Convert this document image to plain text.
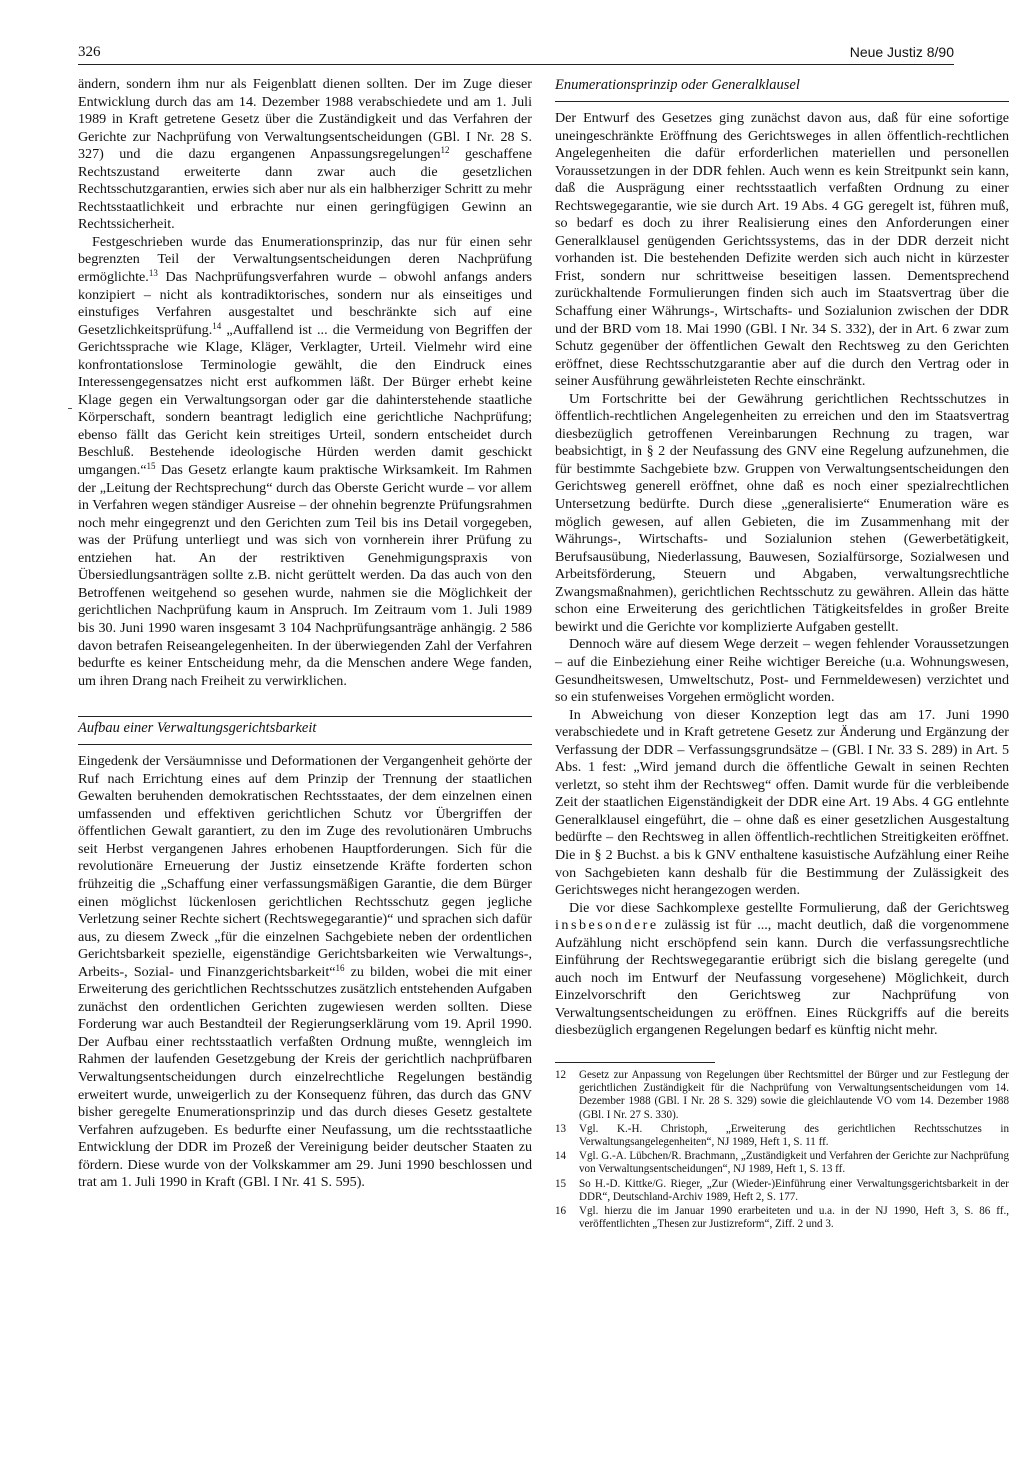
326	Neue Justiz 8/90

ändern, sondern ihm nur als Feigenblatt dienen sollten. Der im Zuge dieser Entwicklung durch das am 14. Dezember 1988 verabschiedete und am 1. Juli 1989 in Kraft getretene Gesetz über die Zuständigkeit und das Verfahren der Gerichte zur Nachprüfung von Verwaltungsentscheidungen (GBl. I Nr. 28 S. 327) und die dazu ergangenen Anpassungsregelungen$^{12}$ geschaffene Rechtszustand erweiterte dann zwar auch die gesetzlichen Rechtsschutzgarantien, erwies sich aber nur als ein halbherziger Schritt zu mehr Rechtsstaatlichkeit und erbrachte nur einen geringfügigen Gewinn an Rechtssicherheit.

Festgeschrieben wurde das Enumerationsprinzip, das nur für einen sehr begrenzten Teil der Verwaltungsentscheidungen deren Nachprüfung ermöglichte.$^{13}$ Das Nachprüfungsverfahren wurde – obwohl anfangs anders konzipiert – nicht als kontradiktorisches, sondern nur als einseitiges und einstufiges Verfahren ausgestaltet und beschränkte sich auf eine Gesetzlichkeitsprüfung.$^{14}$ „Auffallend ist ... die Vermeidung von Begriffen der Gerichtssprache wie Klage, Kläger, Verklagter, Urteil. Vielmehr wird eine konfrontationslose Terminologie gewählt, die den Eindruck eines Interessengegensatzes nicht erst aufkommen läßt. Der Bürger erhebt keine Klage gegen ein Verwaltungsorgan oder gar die dahinterstehende staatliche Körperschaft, sondern beantragt lediglich eine gerichtliche Nachprüfung; ebenso fällt das Gericht kein streitiges Urteil, sondern entscheidet durch Beschluß. Bestehende ideologische Hürden werden damit geschickt umgangen.“$^{15}$ Das Gesetz erlangte kaum praktische Wirksamkeit. Im Rahmen der „Leitung der Rechtsprechung“ durch das Oberste Gericht wurde – vor allem in Verfahren wegen ständiger Ausreise – der ohnehin begrenzte Prüfungsrahmen noch mehr eingegrenzt und den Gerichten zum Teil bis ins Detail vorgegeben, was der Prüfung unterliegt und was sich von vornherein ihrer Prüfung zu entziehen hat. An der restriktiven Genehmigungspraxis von Übersiedlungsanträgen sollte z.B. nicht gerüttelt werden. Da das auch von den Betroffenen weitgehend so gesehen wurde, nahmen sie die Möglichkeit der gerichtlichen Nachprüfung kaum in Anspruch. Im Zeitraum vom 1. Juli 1989 bis 30. Juni 1990 waren insgesamt 3 104 Nachprüfungsanträge anhängig. 2 586 davon betrafen Reiseangelegenheiten. In der überwiegenden Zahl der Verfahren bedurfte es keiner Entscheidung mehr, da die Menschen andere Wege fanden, um ihren Drang nach Freiheit zu verwirklichen.

Aufbau einer Verwaltungsgerichtsbarkeit

Eingedenk der Versäumnisse und Deformationen der Vergangenheit gehörte der Ruf nach Errichtung eines auf dem Prinzip der Trennung der staatlichen Gewalten beruhenden demokratischen Rechtsstaates, der dem einzelnen einen umfassenden und effektiven gerichtlichen Schutz vor Übergriffen der öffentlichen Gewalt garantiert, zu den im Zuge des revolutionären Umbruchs seit Herbst vergangenen Jahres erhobenen Hauptforderungen. Sich für die revolutionäre Erneuerung der Justiz einsetzende Kräfte forderten schon frühzeitig die „Schaffung einer verfassungsmäßigen Garantie, die dem Bürger einen möglichst lückenlosen gerichtlichen Rechtsschutz gegen jegliche Verletzung seiner Rechte sichert (Rechtswegegarantie)“ und sprachen sich dafür aus, zu diesem Zweck „für die einzelnen Sachgebiete neben der ordentlichen Gerichtsbarkeit spezielle, eigenständige Gerichtsbarkeiten wie Verwaltungs-, Arbeits-, Sozial- und Finanzgerichtsbarkeit“$^{16}$ zu bilden, wobei die mit einer Erweiterung des gerichtlichen Rechtsschutzes zusätzlich entstehenden Aufgaben zunächst den ordentlichen Gerichten zugewiesen werden sollten. Diese Forderung war auch Bestandteil der Regierungserklärung vom 19. April 1990. Der Aufbau einer rechtsstaatlich verfaßten Ordnung mußte, wenngleich im Rahmen der laufenden Gesetzgebung der Kreis der gerichtlich nachprüfbaren Verwaltungsentscheidungen durch einzelrechtliche Regelungen beständig erweitert wurde, unweigerlich zu der Konsequenz führen, das durch das GNV bisher geregelte Enumerationsprinzip und das durch dieses Gesetz gestaltete Verfahren aufzugeben. Es bedurfte einer Neufassung, um die rechtsstaatliche Entwicklung der DDR im Prozeß der Vereinigung beider deutscher Staaten zu fördern. Diese wurde von der Volkskammer am 29. Juni 1990 beschlossen und trat am 1. Juli 1990 in Kraft (GBl. I Nr. 41 S. 595).

Enumerationsprinzip oder Generalklausel

Der Entwurf des Gesetzes ging zunächst davon aus, daß für eine sofortige uneingeschränkte Eröffnung des Gerichtsweges in allen öffentlich-rechtlichen Angelegenheiten die dafür erforderlichen materiellen und personellen Voraussetzungen in der DDR fehlen. Auch wenn es kein Streitpunkt sein kann, daß die Ausprägung einer rechtsstaatlich verfaßten Ordnung zu einer Rechtswegegarantie, wie sie durch Art. 19 Abs. 4 GG geregelt ist, führen muß, so bedarf es doch zu ihrer Realisierung eines den Anforderungen einer Generalklausel genügenden Gerichtssystems, das in der DDR derzeit nicht vorhanden ist. Die bestehenden Defizite werden sich auch nicht in kürzester Frist, sondern nur schrittweise beseitigen lassen. Dementsprechend zurückhaltende Formulierungen finden sich auch im Staatsvertrag über die Schaffung einer Währungs-, Wirtschafts- und Sozialunion zwischen der DDR und der BRD vom 18. Mai 1990 (GBl. I Nr. 34 S. 332), der in Art. 6 zwar zum Schutz gegenüber der öffentlichen Gewalt den Rechtsweg zu den Gerichten eröffnet, diese Rechtsschutzgarantie aber auf die durch den Vertrag oder in seiner Ausführung gewährleisteten Rechte einschränkt.

Um Fortschritte bei der Gewährung gerichtlichen Rechtsschutzes in öffentlich-rechtlichen Angelegenheiten zu erreichen und den im Staatsvertrag diesbezüglich getroffenen Vereinbarungen Rechnung zu tragen, war beabsichtigt, in § 2 der Neufassung des GNV eine Regelung aufzunehmen, die für bestimmte Sachgebiete bzw. Gruppen von Verwaltungsentscheidungen den Gerichtsweg generell eröffnet, ohne daß es noch einer spezialrechtlichen Untersetzung bedürfte. Durch diese „generalisierte“ Enumeration wäre es möglich gewesen, auf allen Gebieten, die im Zusammenhang mit der Währungs-, Wirtschafts- und Sozialunion stehen (Gewerbetätigkeit, Berufsausübung, Niederlassung, Bauwesen, Sozialfürsorge, Sozialwesen und Arbeitsförderung, Steuern und Abgaben, verwaltungsrechtliche Zwangsmaßnahmen), gerichtlichen Rechtsschutz zu gewähren. Allein das hätte schon eine Erweiterung des gerichtlichen Tätigkeitsfeldes in großer Breite bewirkt und die Gerichte vor komplizierte Aufgaben gestellt.

Dennoch wäre auf diesem Wege derzeit – wegen fehlender Voraussetzungen – auf die Einbeziehung einer Reihe wichtiger Bereiche (u.a. Wohnungswesen, Gesundheitswesen, Umweltschutz, Post- und Fernmeldewesen) verzichtet und so ein stufenweises Vorgehen ermöglicht worden.

In Abweichung von dieser Konzeption legt das am 17. Juni 1990 verabschiedete und in Kraft getretene Gesetz zur Änderung und Ergänzung der Verfassung der DDR – Verfassungsgrundsätze – (GBl. I Nr. 33 S. 289) in Art. 5 Abs. 1 fest: „Wird jemand durch die öffentliche Gewalt in seinen Rechten verletzt, so steht ihm der Rechtsweg“ offen. Damit wurde für die verbleibende Zeit der staatlichen Eigenständigkeit der DDR eine Art. 19 Abs. 4 GG entlehnte Generalklausel eingeführt, die – ohne daß es einer gesetzlichen Ausgestaltung bedürfte – den Rechtsweg in allen öffentlich-rechtlichen Streitigkeiten eröffnet. Die in § 2 Buchst. a bis k GNV enthaltene kasuistische Aufzählung einer Reihe von Sachgebieten kann deshalb für die Bestimmung der Zulässigkeit des Gerichtsweges nicht herangezogen werden.

Die vor diese Sachkomplexe gestellte Formulierung, daß der Gerichtsweg insbesondere zulässig ist für ..., macht deutlich, daß die vorgenommene Aufzählung nicht erschöpfend sein kann. Durch die verfassungsrechtliche Einführung der Rechtswegegarantie erübrigt sich die bislang geregelte (und auch noch im Entwurf der Neufassung vorgesehene) Möglichkeit, durch Einzelvorschrift den Gerichtsweg zur Nachprüfung von Verwaltungsentscheidungen zu eröffnen. Eines Rückgriffs auf die bereits diesbezüglich ergangenen Regelungen bedarf es künftig nicht mehr.

12	Gesetz zur Anpassung von Regelungen über Rechtsmittel der Bürger und zur Festlegung der gerichtlichen Zuständigkeit für die Nachprüfung von Verwaltungsentscheidungen vom 14. Dezember 1988 (GBl. I Nr. 28 S. 329) sowie die gleichlautende VO vom 14. Dezember 1988 (GBl. I Nr. 27 S. 330).
13	Vgl. K.-H. Christoph, „Erweiterung des gerichtlichen Rechtsschutzes in Verwaltungsangelegenheiten“, NJ 1989, Heft 1, S. 11 ff.
14	Vgl. G.-A. Lübchen/R. Brachmann, „Zuständigkeit und Verfahren der Gerichte zur Nachprüfung von Verwaltungsentscheidungen“, NJ 1989, Heft 1, S. 13 ff.
15	So H.-D. Kittke/G. Rieger, „Zur (Wieder-)Einführung einer Verwaltungsgerichtsbarkeit in der DDR“, Deutschland-Archiv 1989, Heft 2, S. 177.
16	Vgl. hierzu die im Januar 1990 erarbeiteten und u.a. in der NJ 1990, Heft 3, S. 86 ff., veröffentlichten „Thesen zur Justizreform“, Ziff. 2 und 3.
